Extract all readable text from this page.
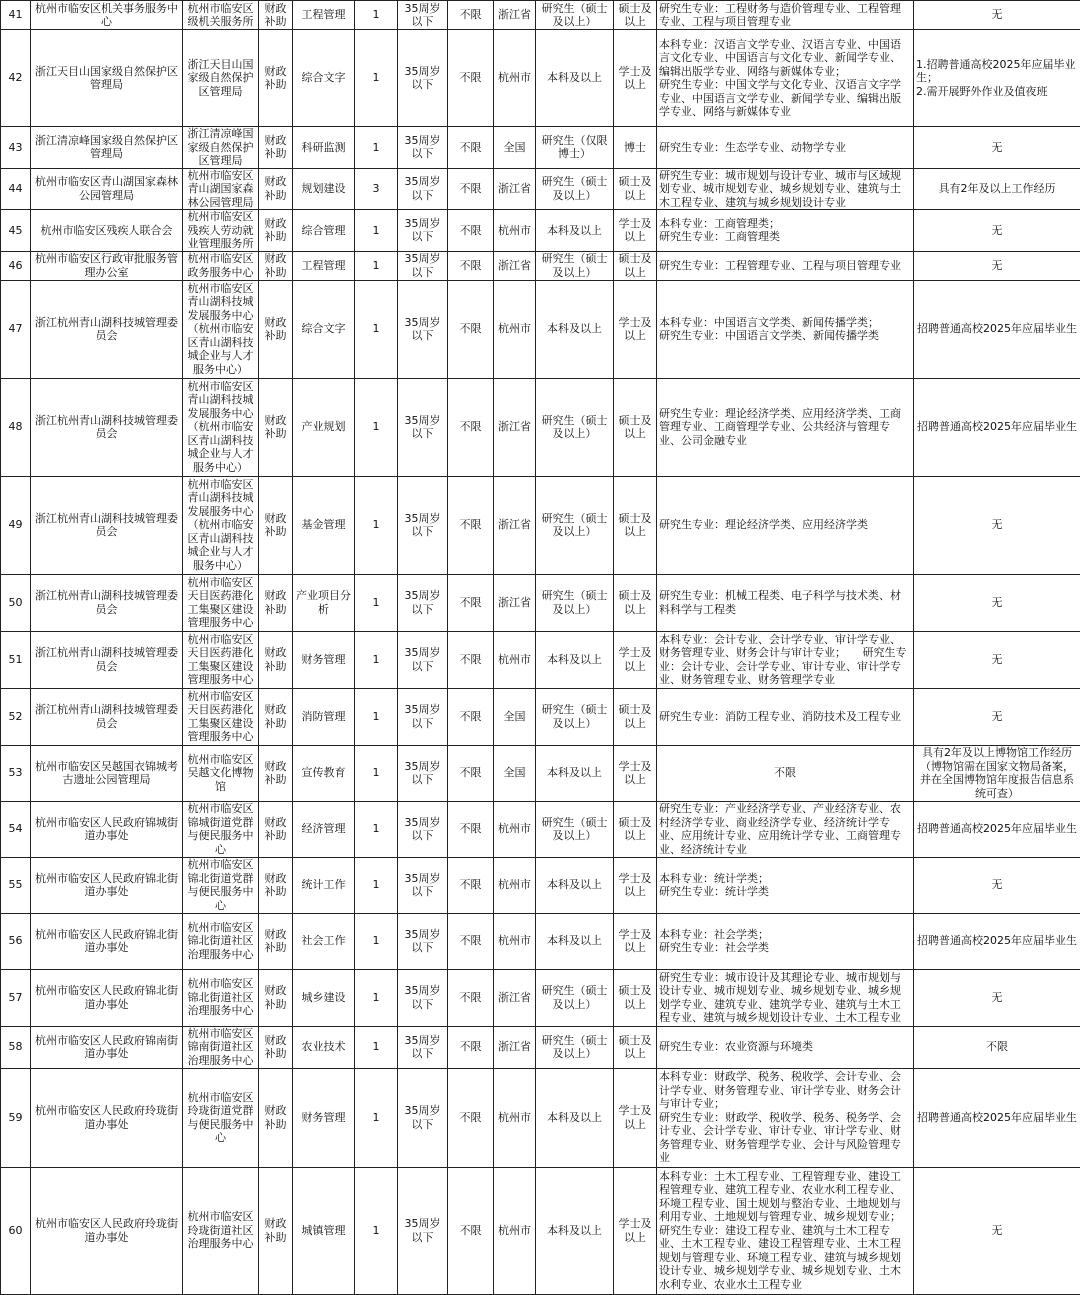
41	杭州市临安区机关事务服务中心	杭州市临安区级机关服务所	财政补助	工程管理	1	35周岁以下	不限	浙江省	研究生（硕士及以上）	硕士及以上	研究生专业：工程财务与造价管理专业、工程管理专业、工程与项目管理专业	无
42	浙江天目山国家级自然保护区管理局	浙江天目山国家级自然保护区管理局	财政补助	综合文字	1	35周岁以下	不限	杭州市	本科及以上	学士及以上	本科专业：汉语言文学专业、汉语言专业、中国语言文化专业、中国语言与文化专业、新闻学专业、编辑出版学专业、网络与新媒体专业；
研究生专业：中国文学与文化专业、汉语言文字学专业、中国语言文学专业、新闻学专业、编辑出版学专业、网络与新媒体专业	1.招聘普通高校2025年应届毕业生；
2.需开展野外作业及值夜班
43	浙江清凉峰国家级自然保护区管理局	浙江清凉峰国家级自然保护区管理局	财政补助	科研监测	1	35周岁以下	不限	全国	研究生（仅限博士）	博士	研究生专业：生态学专业、动物学专业	无
44	杭州市临安区青山湖国家森林公园管理局	杭州市临安区青山湖国家森林公园管理局	财政补助	规划建设	3	35周岁以下	不限	浙江省	研究生（硕士及以上）	硕士及以上	研究生专业：城市规划与设计专业、城市与区域规划专业、城市规划专业、城乡规划专业、建筑与土木工程专业、建筑与城乡规划设计专业	具有2年及以上工作经历
45	杭州市临安区残疾人联合会	杭州市临安区残疾人劳动就业管理服务所	财政补助	综合管理	1	35周岁以下	不限	杭州市	本科及以上	学士及以上	本科专业：工商管理类；
研究生专业：工商管理类	无
46	杭州市临安区行政审批服务管理办公室	杭州市临安区政务服务中心	财政补助	工程管理	1	35周岁以下	不限	浙江省	研究生（硕士及以上）	硕士及以上	研究生专业：工程管理专业、工程与项目管理专业	无
47	浙江杭州青山湖科技城管理委员会	杭州市临安区青山湖科技城发展服务中心（杭州市临安区青山湖科技城企业与人才服务中心）	财政补助	综合文字	1	35周岁以下	不限	杭州市	本科及以上	学士及以上	本科专业：中国语言文学类、新闻传播学类；
研究生专业：中国语言文学类、新闻传播学类	招聘普通高校2025年应届毕业生
48	浙江杭州青山湖科技城管理委员会	杭州市临安区青山湖科技城发展服务中心（杭州市临安区青山湖科技城企业与人才服务中心）	财政补助	产业规划	1	35周岁以下	不限	浙江省	研究生（硕士及以上）	硕士及以上	研究生专业：理论经济学类、应用经济学类、工商管理专业、工商管理学专业、公共经济与管理专业、公司金融专业	招聘普通高校2025年应届毕业生
49	浙江杭州青山湖科技城管理委员会	杭州市临安区青山湖科技城发展服务中心（杭州市临安区青山湖科技城企业与人才服务中心）	财政补助	基金管理	1	35周岁以下	不限	浙江省	研究生（硕士及以上）	硕士及以上	研究生专业：理论经济学类、应用经济学类	无
50	浙江杭州青山湖科技城管理委员会	杭州市临安区天目医药港化工集聚区建设管理服务中心	财政补助	产业项目分析	1	35周岁以下	不限	浙江省	研究生（硕士及以上）	硕士及以上	研究生专业：机械工程类、电子科学与技术类、材料科学与工程类	无
51	浙江杭州青山湖科技城管理委员会	杭州市临安区天目医药港化工集聚区建设管理服务中心	财政补助	财务管理	1	35周岁以下	不限	杭州市	本科及以上	学士及以上	本科专业：会计专业、会计学专业、审计学专业、财务管理专业、财务会计与审计专业；　　研究生专业：会计专业、会计学专业、审计专业、审计学专业、财务管理专业、财务管理学专业	无
52	浙江杭州青山湖科技城管理委员会	杭州市临安区天目医药港化工集聚区建设管理服务中心	财政补助	消防管理	1	35周岁以下	不限	全国	研究生（硕士及以上）	硕士及以上	研究生专业：消防工程专业、消防技术及工程专业	无
53	杭州市临安区吴越国衣锦城考古遗址公园管理局	杭州市临安区吴越文化博物馆	财政补助	宣传教育	1	35周岁以下	不限	全国	本科及以上	学士及以上	不限	具有2年及以上博物馆工作经历（博物馆需在国家文物局备案，并在全国博物馆年度报告信息系统可查）
54	杭州市临安区人民政府锦城街道办事处	杭州市临安区锦城街道党群与便民服务中心	财政补助	经济管理	1	35周岁以下	不限	杭州市	研究生（硕士及以上）	硕士及以上	研究生专业：产业经济学专业、产业经济专业、农村经济学专业、商业经济学专业、经济统计学专业、应用统计专业、应用统计学专业、工商管理专业、经济统计专业	招聘普通高校2025年应届毕业生
55	杭州市临安区人民政府锦北街道办事处	杭州市临安区锦北街道党群与便民服务中心	财政补助	统计工作	1	35周岁以下	不限	杭州市	本科及以上	学士及以上	本科专业：统计学类；
研究生专业：统计学类	无
56	杭州市临安区人民政府锦北街道办事处	杭州市临安区锦北街道社区治理服务中心	财政补助	社会工作	1	35周岁以下	不限	杭州市	本科及以上	学士及以上	本科专业：社会学类；
研究生专业：社会学类	招聘普通高校2025年应届毕业生
57	杭州市临安区人民政府锦北街道办事处	杭州市临安区锦北街道社区治理服务中心	财政补助	城乡建设	1	35周岁以下	不限	浙江省	研究生（硕士及以上）	硕士及以上	研究生专业：城市设计及其理论专业、城市规划与设计专业、城市规划专业、城乡规划专业、城乡规划学专业、建筑专业、建筑学专业、建筑与土木工程专业、建筑与城乡规划设计专业、土木工程专业	无
58	杭州市临安区人民政府锦南街道办事处	杭州市临安区锦南街道社区治理服务中心	财政补助	农业技术	1	35周岁以下	不限	浙江省	研究生（硕士及以上）	硕士及以上	研究生专业：农业资源与环境类	不限
59	杭州市临安区人民政府玲珑街道办事处	杭州市临安区玲珑街道党群与便民服务中心	财政补助	财务管理	1	35周岁以下	不限	杭州市	本科及以上	学士及以上	本科专业：财政学、税务、税收学、会计专业、会计学专业、财务管理专业、审计学专业、财务会计与审计专业；
研究生专业：财政学、税收学、税务、税务学、会计专业、会计学专业、审计专业、审计学专业、财务管理专业、财务管理学专业、会计与风险管理专业	招聘普通高校2025年应届毕业生
60	杭州市临安区人民政府玲珑街道办事处	杭州市临安区玲珑街道社区治理服务中心	财政补助	城镇管理	1	35周岁以下	不限	杭州市	本科及以上	学士及以上	本科专业：土木工程专业、工程管理专业、建设工程管理专业、建筑工程专业、农业水利工程专业、环境工程专业、国土规划与整治专业、土地规划与利用专业、土地规划与管理专业、城乡规划专业；
研究生专业：建设工程专业、建筑与土木工程专业、土木工程专业、建设工程管理专业、土木工程规划与管理专业、环境工程专业、建筑与城乡规划设计专业、城乡规划学专业、城乡规划专业、土木水利专业、农业水土工程专业	无
